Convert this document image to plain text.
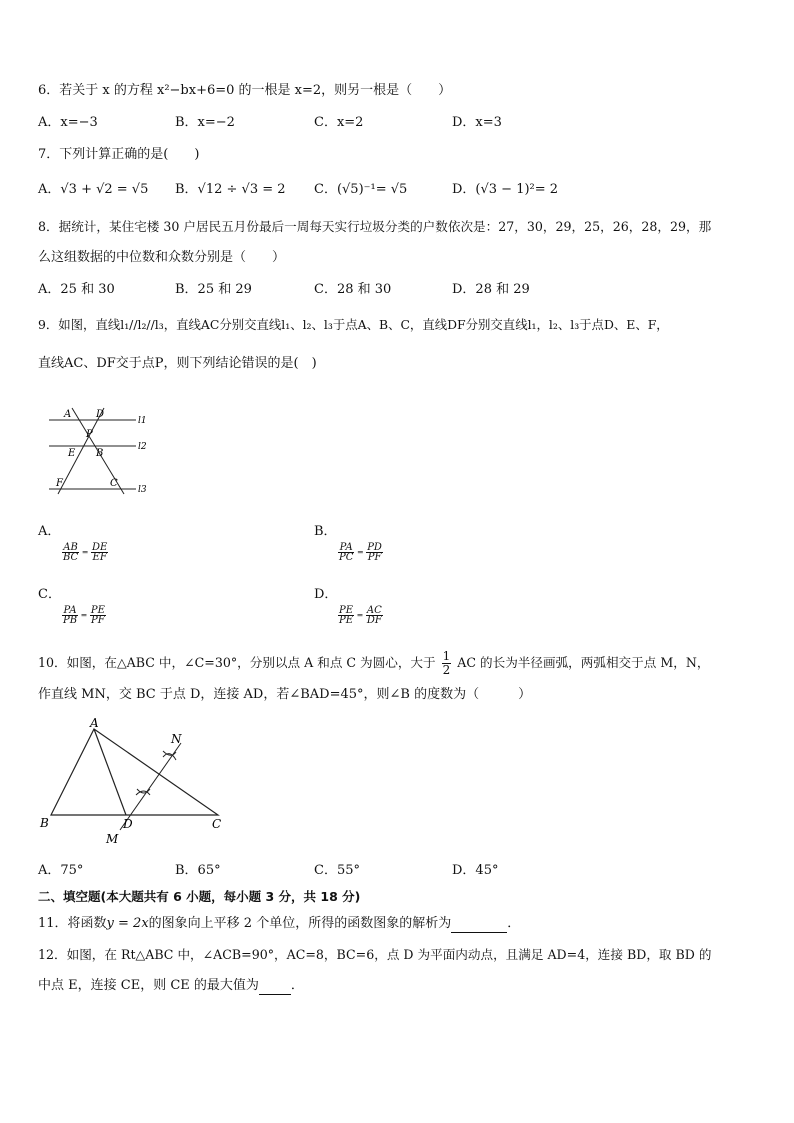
6．若关于 x 的方程 x²−bx+6=0 的一根是 x=2，则另一根是（　　）
A．x=−3	B．x=−2	C．x=2	D．x=3
7．下列计算正确的是(　　)
A．√3 + √2 = √5 B．√12 ÷ √3 = 2 C．(√5)⁻¹= √5	D．(√3 − 1)²= 2
8．据统计，某住宅楼 30 户居民五月份最后一周每天实行垃圾分类的户数依次是：27，30，29，25，26，28，29，那
么这组数据的中位数和众数分别是（　　）
A．25 和 30	B．25 和 29	C．28 和 30	D．28 和 29
9．如图，直线l₁//l₂//l₃，直线AC分别交直线l₁、l₂、l₃于点A、B、C，直线DF分别交直线l₁，l₂、l₃于点D、E、F，
直线AC、DF交于点P，则下列结论错误的是(　)
A D
P
E B
F	C
l1
l2
l3
A．
$\frac{AB}{BC} = \frac{DE}{EF}$
B．
$\frac{PA}{PC} = \frac{PD}{PF}$
C．
$\frac{PA}{PB} = \frac{PE}{PF}$
D．
$\frac{PE}{PE} = \frac{AC}{DF}$
10．如图，在△ABC 中，∠C=30°，分别以点 A 和点 C 为圆心，大于 $\frac{1}{2}$ AC 的长为半径画弧，两弧相交于点 M，N，
作直线 MN，交 BC 于点 D，连接 AD，若∠BAD=45°，则∠B 的度数为（　　　）
A
N
B	D	C
M
A．75°	B．65°	C．55°	D．45°
二、填空题(本大题共有 6 小题，每小题 3 分，共 18 分)
11．将函数y = 2x的图象向上平移 2 个单位，所得的函数图象的解析为	．
12．如图，在 Rt△ABC 中，∠ACB=90°，AC=8，BC=6，点 D 为平面内动点，且满足 AD=4，连接 BD，取 BD 的
中点 E，连接 CE，则 CE 的最大值为 ．
